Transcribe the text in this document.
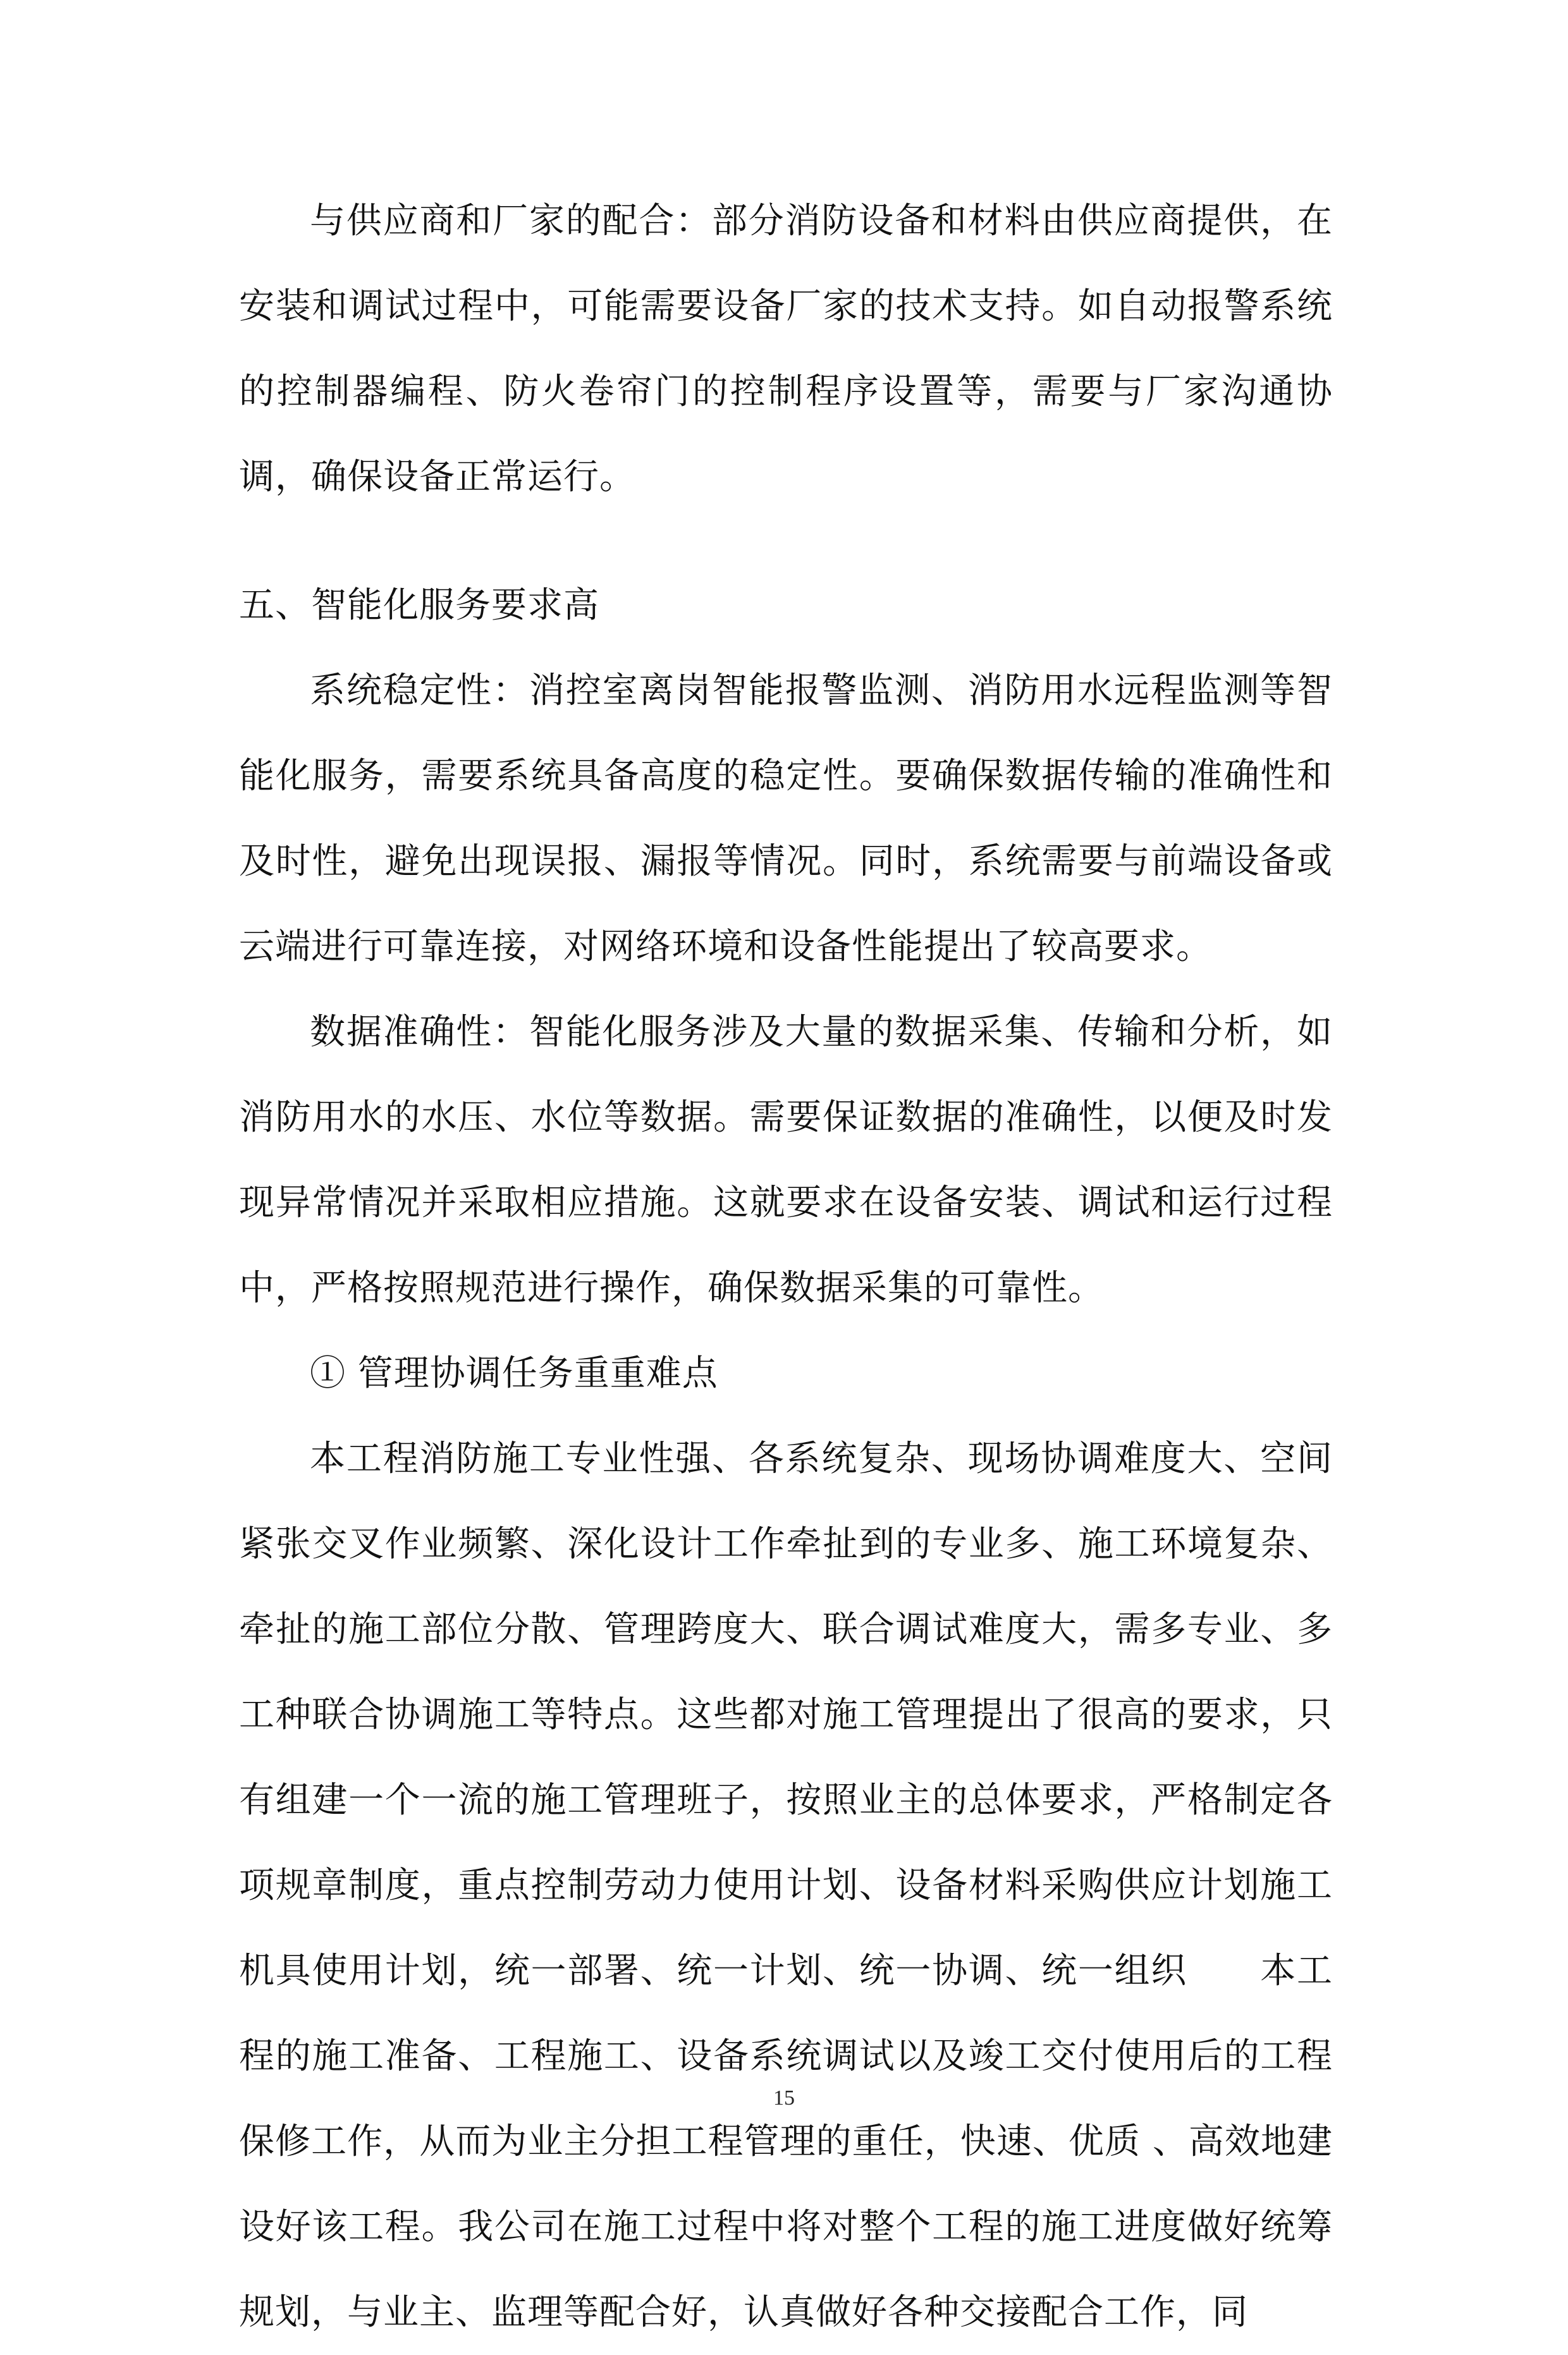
与供应商和厂家的配合：部分消防设备和材料由供应商提供，在安装和调试过程中，可能需要设备厂家的技术支持。如自动报警系统的控制器编程、防火卷帘门的控制程序设置等，需要与厂家沟通协调，确保设备正常运行。

五、智能化服务要求高

系统稳定性：消控室离岗智能报警监测、消防用水远程监测等智能化服务，需要系统具备高度的稳定性。要确保数据传输的准确性和及时性，避免出现误报、漏报等情况。同时，系统需要与前端设备或云端进行可靠连接，对网络环境和设备性能提出了较高要求。

数据准确性：智能化服务涉及大量的数据采集、传输和分析，如消防用水的水压、水位等数据。需要保证数据的准确性，以便及时发现异常情况并采取相应措施。这就要求在设备安装、调试和运行过程中，严格按照规范进行操作，确保数据采集的可靠性。

① 管理协调任务重重难点

本工程消防施工专业性强、各系统复杂、现场协调难度大、空间紧张交叉作业频繁、深化设计工作牵扯到的专业多、施工环境复杂、牵扯的施工部位分散、管理跨度大、联合调试难度大，需多专业、多工种联合协调施工等特点。这些都对施工管理提出了很高的要求，只有组建一个一流的施工管理班子，按照业主的总体要求，严格制定各项规章制度，重点控制劳动力使用计划、设备材料采购供应计划施工机具使用计划，统一部署、统一计划、统一协调、统一组织　　本工程的施工准备、工程施工、设备系统调试以及竣工交付使用后的工程保修工作，从而为业主分担工程管理的重任，快速、优质 、高效地建设好该工程。我公司在施工过程中将对整个工程的施工进度做好统筹规划，与业主、监理等配合好，认真做好各种交接配合工作，同

15
